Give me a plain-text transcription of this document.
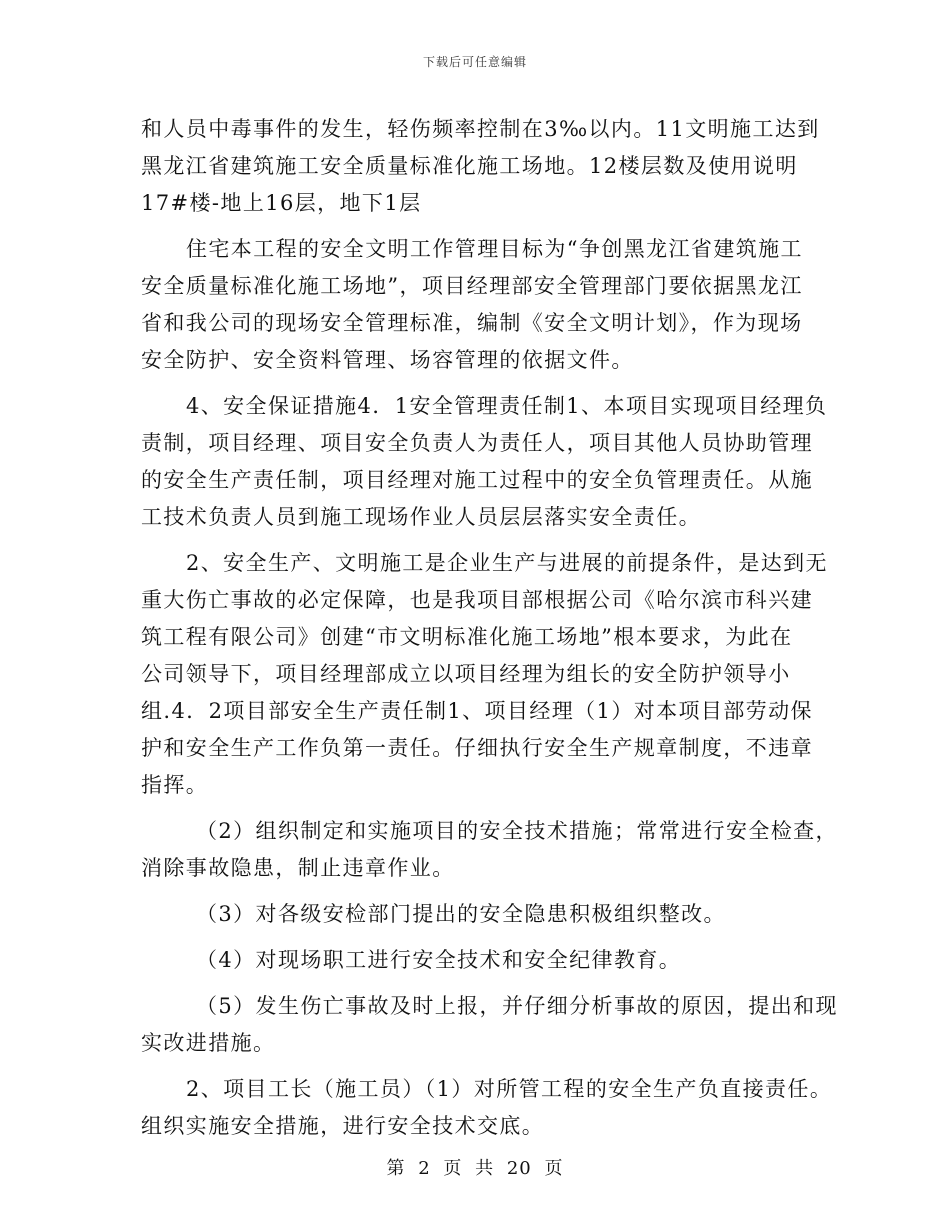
下载后可任意编辑
和人员中毒事件的发生，轻伤频率控制在3‰以内。11文明施工达到
黑龙江省建筑施工安全质量标准化施工场地。12楼层数及使用说明
17#楼-地上16层，地下1层
住宅本工程的安全文明工作管理目标为“争创黑龙江省建筑施工
安全质量标准化施工场地”，项目经理部安全管理部门要依据黑龙江
省和我公司的现场安全管理标准，编制《安全文明计划》，作为现场
安全防护、安全资料管理、场容管理的依据文件。
4、安全保证措施4．1安全管理责任制1、本项目实现项目经理负
责制，项目经理、项目安全负责人为责任人，项目其他人员协助管理
的安全生产责任制，项目经理对施工过程中的安全负管理责任。从施
工技术负责人员到施工现场作业人员层层落实安全责任。
2、安全生产、文明施工是企业生产与进展的前提条件，是达到无
重大伤亡事故的必定保障，也是我项目部根据公司《哈尔滨市科兴建
筑工程有限公司》创建“市文明标准化施工场地”根本要求，为此在
公司领导下，项目经理部成立以项目经理为组长的安全防护领导小
组.4．2项目部安全生产责任制1、项目经理（1）对本项目部劳动保
护和安全生产工作负第一责任。仔细执行安全生产规章制度，不违章
指挥。
（2）组织制定和实施项目的安全技术措施；常常进行安全检查，
消除事故隐患，制止违章作业。
（3）对各级安检部门提出的安全隐患积极组织整改。
（4）对现场职工进行安全技术和安全纪律教育。
（5）发生伤亡事故及时上报，并仔细分析事故的原因，提出和现
实改进措施。
2、项目工长（施工员）（1）对所管工程的安全生产负直接责任。
组织实施安全措施，进行安全技术交底。
第 2 页 共 20 页
